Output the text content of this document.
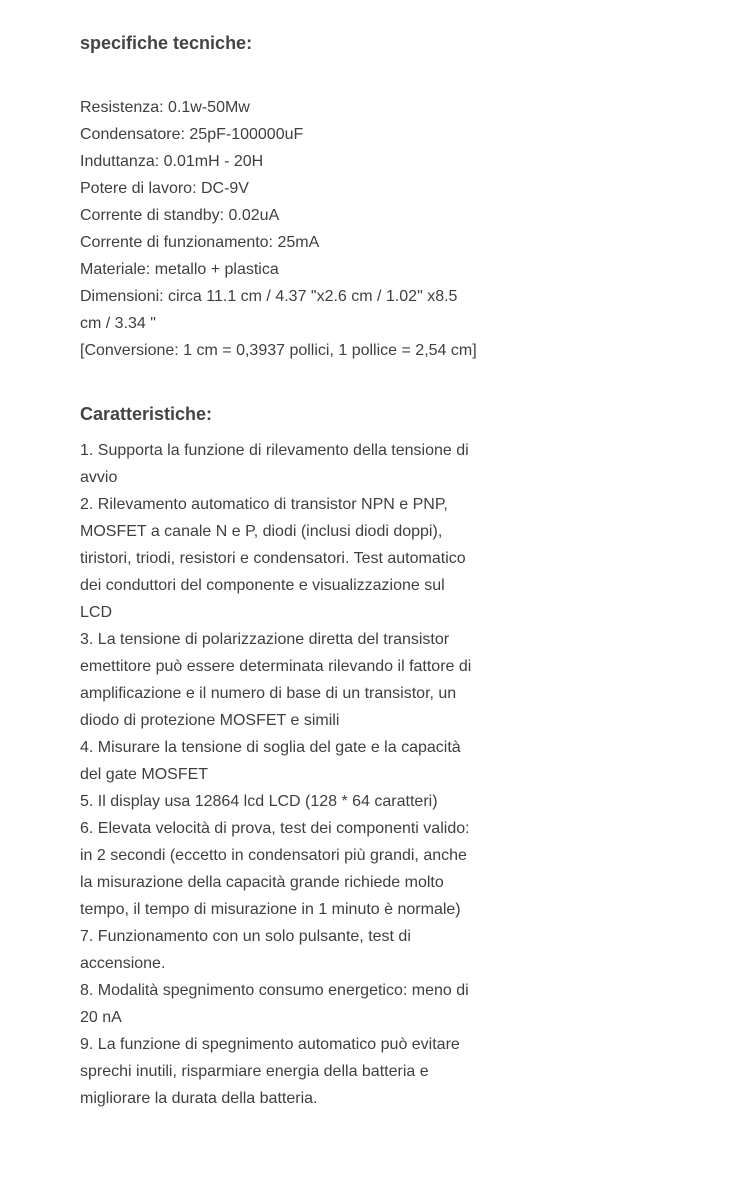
specifiche tecniche:

Resistenza: 0.1w-50Mw

Condensatore: 25pF-100000uF

Induttanza: 0.01mH - 20H

Potere di lavoro: DC-9V

Corrente di standby: 0.02uA

Corrente di funzionamento: 25mA

Materiale: metallo + plastica

Dimensioni: circa 11.1 cm / 4.37 "x2.6 cm / 1.02" x8.5 cm / 3.34 "

[Conversione: 1 cm = 0,3937 pollici, 1 pollice = 2,54 cm]

Caratteristiche:

1. Supporta la funzione di rilevamento della tensione di avvio

2. Rilevamento automatico di transistor NPN e PNP, MOSFET a canale N e P, diodi (inclusi diodi doppi), tiristori, triodi, resistori e condensatori. Test automatico dei conduttori del componente e visualizzazione sul LCD

3. La tensione di polarizzazione diretta del transistor emettitore può essere determinata rilevando il fattore di amplificazione e il numero di base di un transistor, un diodo di protezione MOSFET e simili

4. Misurare la tensione di soglia del gate e la capacità del gate MOSFET

5. Il display usa 12864 lcd LCD (128 * 64 caratteri)

6. Elevata velocità di prova, test dei componenti valido: in 2 secondi (eccetto in condensatori più grandi, anche la misurazione della capacità grande richiede molto tempo, il tempo di misurazione in 1 minuto è normale)

7. Funzionamento con un solo pulsante, test di accensione.

8. Modalità spegnimento consumo energetico: meno di 20 nA

9. La funzione di spegnimento automatico può evitare sprechi inutili, risparmiare energia della batteria e migliorare la durata della batteria.
